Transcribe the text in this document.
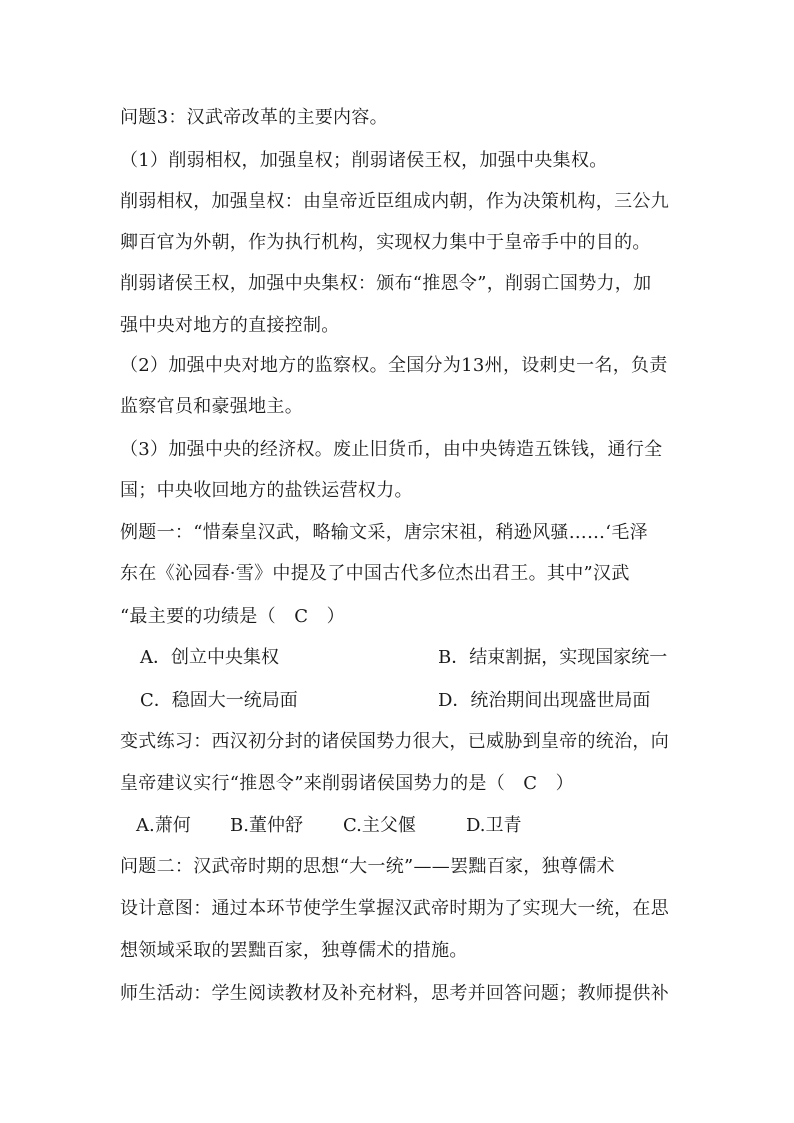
问题3：汉武帝改革的主要内容。
（1）削弱相权，加强皇权；削弱诸侯王权，加强中央集权。
削弱相权，加强皇权：由皇帝近臣组成内朝，作为决策机构，三公九
卿百官为外朝，作为执行机构，实现权力集中于皇帝手中的目的。
削弱诸侯王权，加强中央集权：颁布“推恩令”，削弱亡国势力，加
强中央对地方的直接控制。
（2）加强中央对地方的监察权。全国分为13州，设刺史一名，负责
监察官员和豪强地主。
（3）加强中央的经济权。废止旧货币，由中央铸造五铢钱，通行全
国；中央收回地方的盐铁运营权力。
例题一：“惜秦皇汉武，略输文采，唐宗宋祖，稍逊风骚……‘毛泽
东在《沁园春·雪》中提及了中国古代多位杰出君王。其中”汉武
“最主要的功绩是（　C　）
A．创立中央集权	B．结束割据，实现国家统一
C．稳固大一统局面	D．统治期间出现盛世局面
变式练习：西汉初分封的诸侯国势力很大，已威胁到皇帝的统治，向
皇帝建议实行“推恩令”来削弱诸侯国势力的是（　C　）
A.萧何 B.董仲舒 C.主父偃	D.卫青
问题二：汉武帝时期的思想“大一统”——罢黜百家，独尊儒术
设计意图：通过本环节使学生掌握汉武帝时期为了实现大一统，在思
想领域采取的罢黜百家，独尊儒术的措施。
师生活动：学生阅读教材及补充材料，思考并回答问题；教师提供补
